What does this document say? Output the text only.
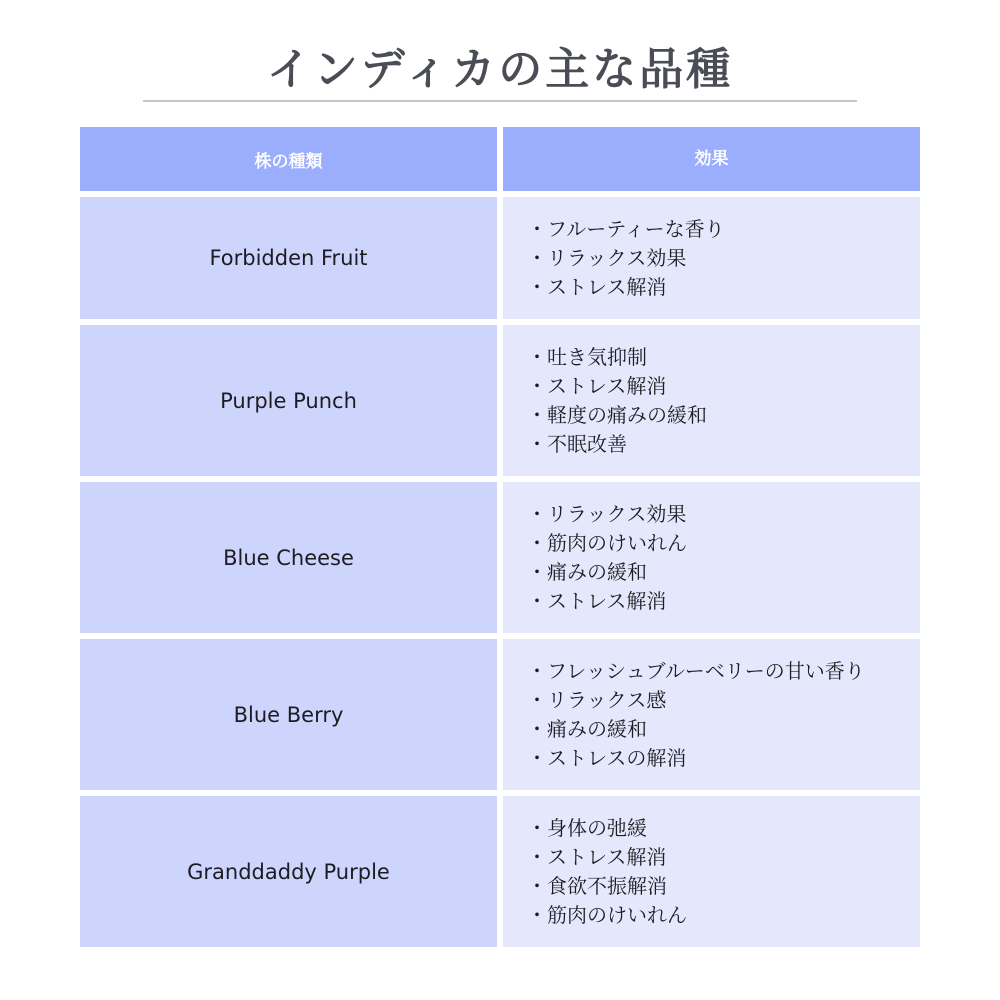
インディカの主な品種
株の種類	効果
Forbidden Fruit
・ フルーティーな香り
・ リラックス効果
・ ストレス解消
Purple Punch
・ 吐き気抑制
・ ストレス解消
・ 軽度の痛みの緩和
・ 不眠改善
Blue Cheese
・ リラックス効果
・ 筋肉のけいれん
・ 痛みの緩和
・ ストレス解消
Blue Berry
・ フレッシュブルーベリーの甘い香り
・ リラックス感
・ 痛みの緩和
・ ストレスの解消
Granddaddy Purple
・ 身体の弛緩
・ ストレス解消
・ 食欲不振解消
・ 筋肉のけいれん
